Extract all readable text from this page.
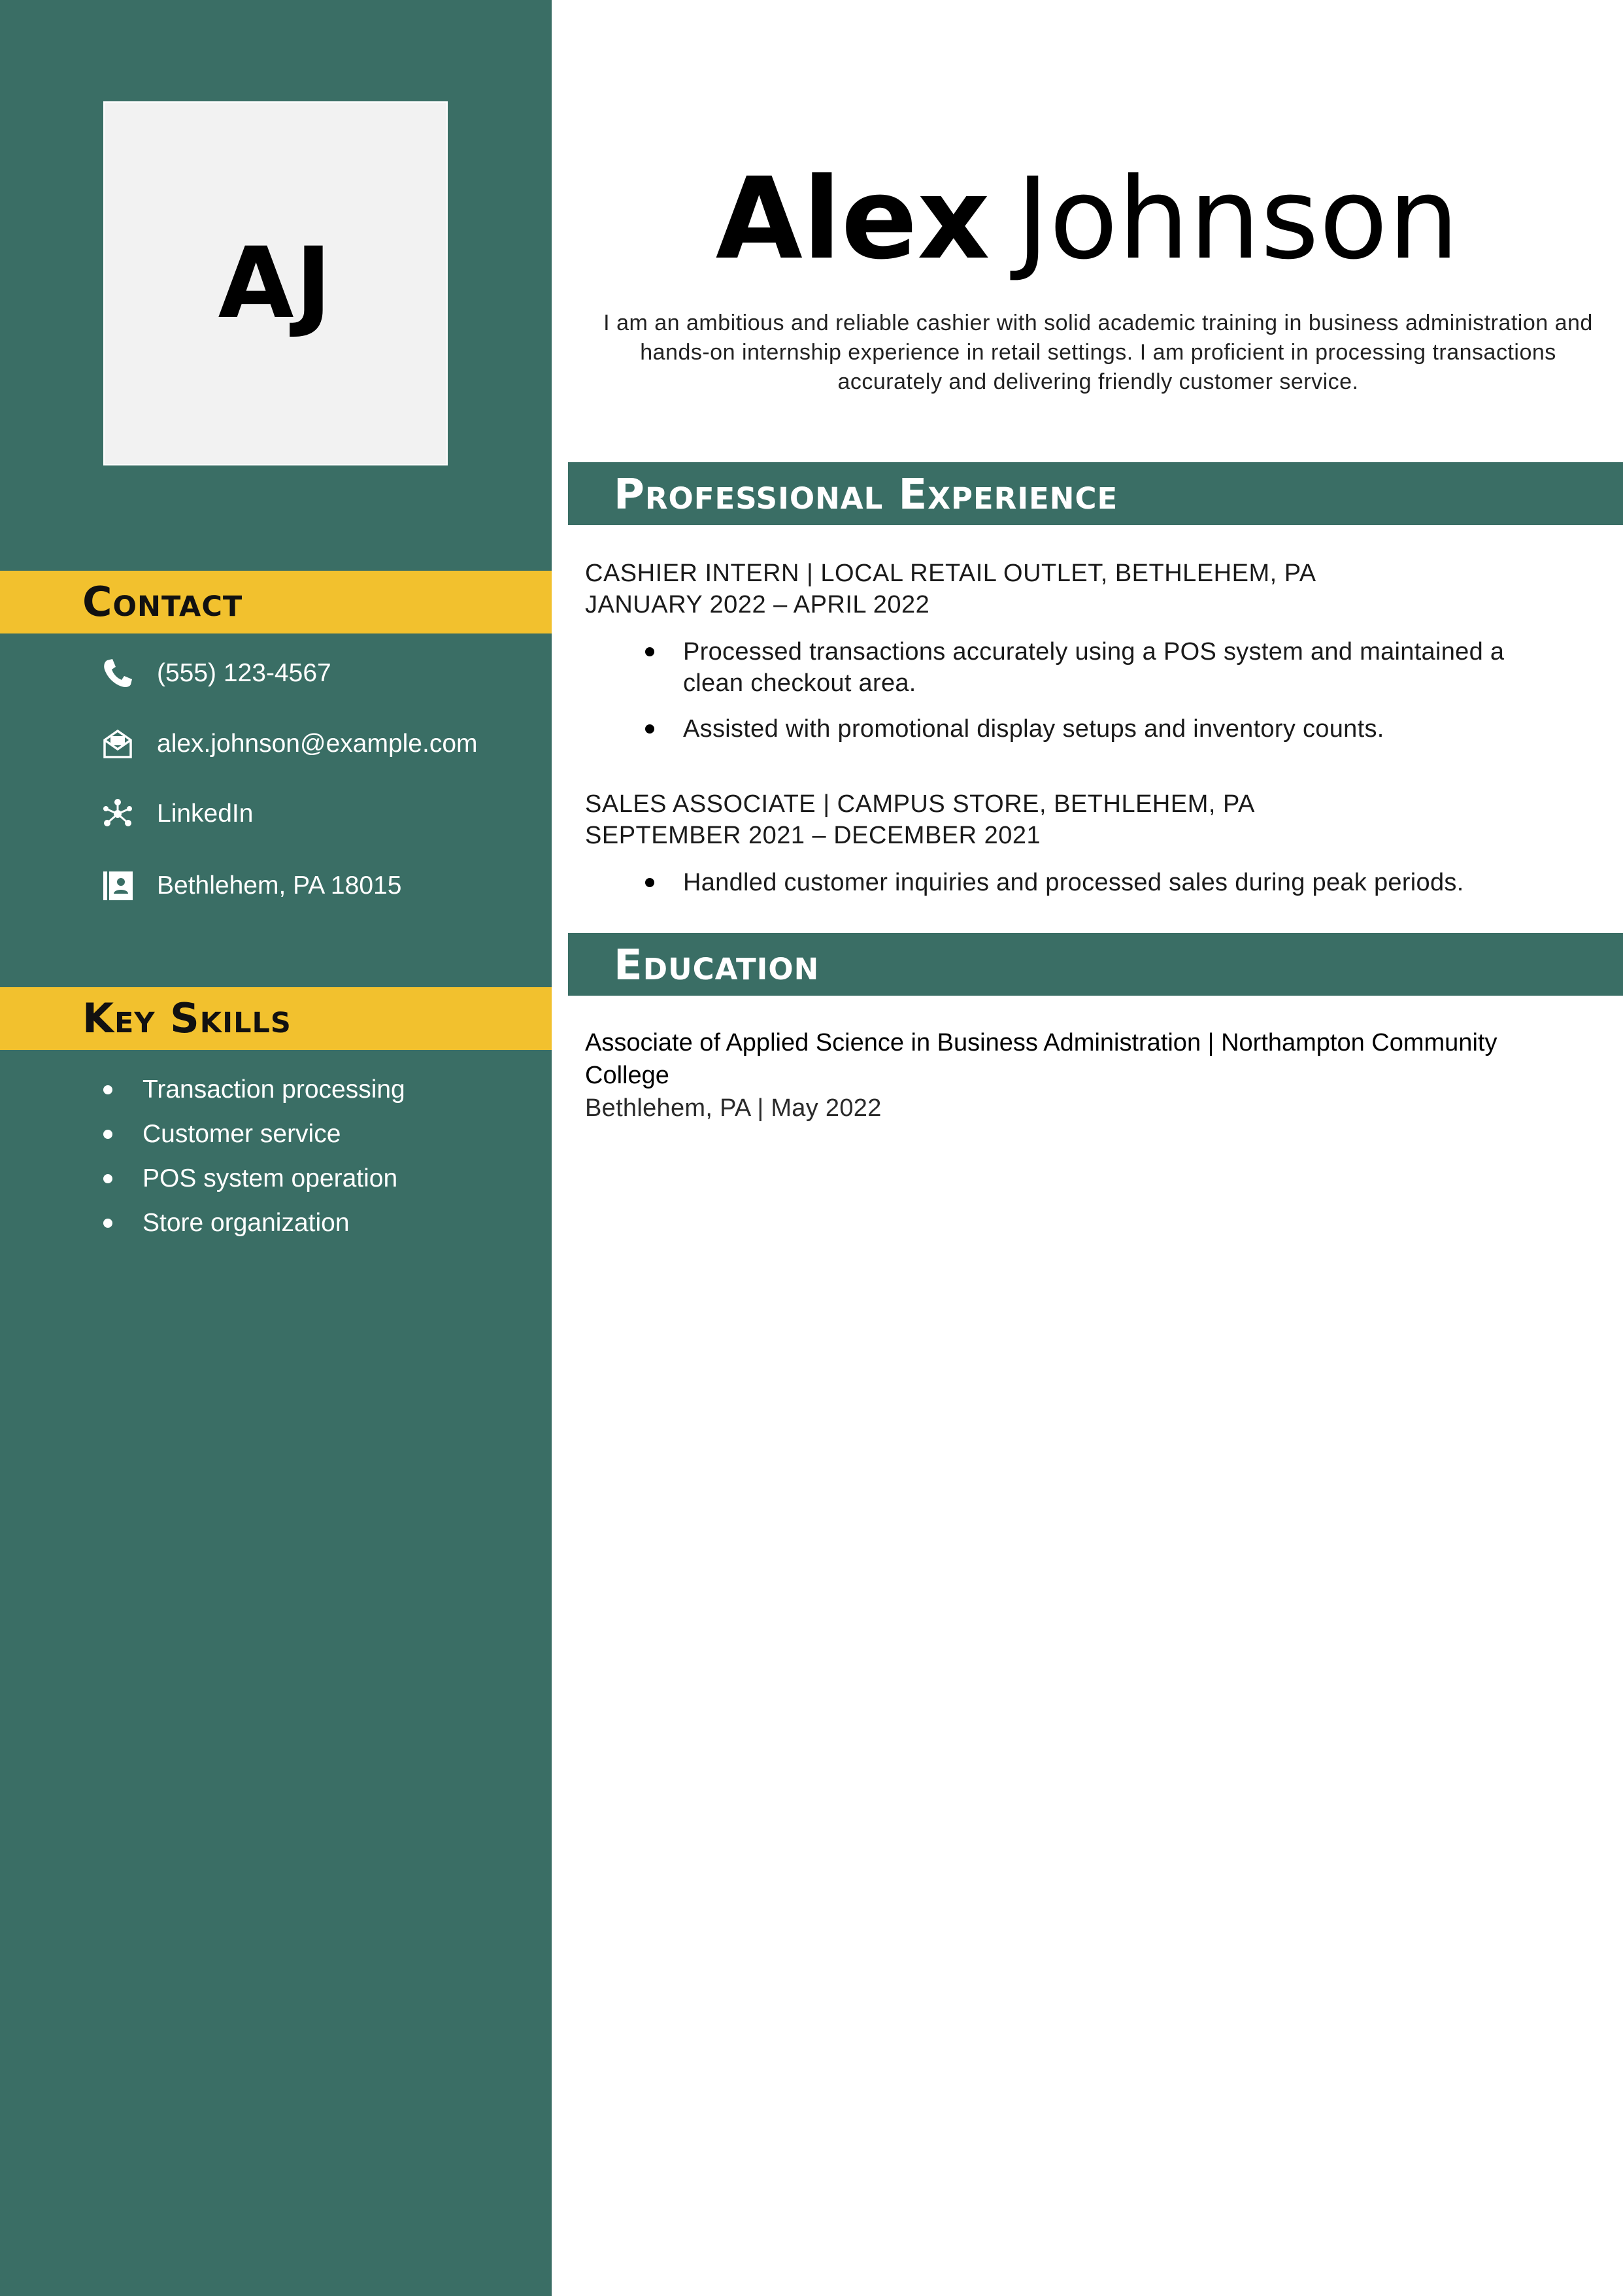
AJ
Contact
(555) 123-4567
alex.johnson@example.com
LinkedIn
Bethlehem, PA 18015
Key Skills
Transaction processing
Customer service
POS system operation
Store organization
Alex Johnson
I am an ambitious and reliable cashier with solid academic training in business administration and hands-on internship experience in retail settings. I am proficient in processing transactions accurately and delivering friendly customer service.
Professional Experience
CASHIER INTERN | LOCAL RETAIL OUTLET, BETHLEHEM, PA
JANUARY 2022 – APRIL 2022
Processed transactions accurately using a POS system and maintained a clean checkout area.
Assisted with promotional display setups and inventory counts.
SALES ASSOCIATE | CAMPUS STORE, BETHLEHEM, PA
SEPTEMBER 2021 – DECEMBER 2021
Handled customer inquiries and processed sales during peak periods.
Education
Associate of Applied Science in Business Administration | Northampton Community College
Bethlehem, PA | May 2022
